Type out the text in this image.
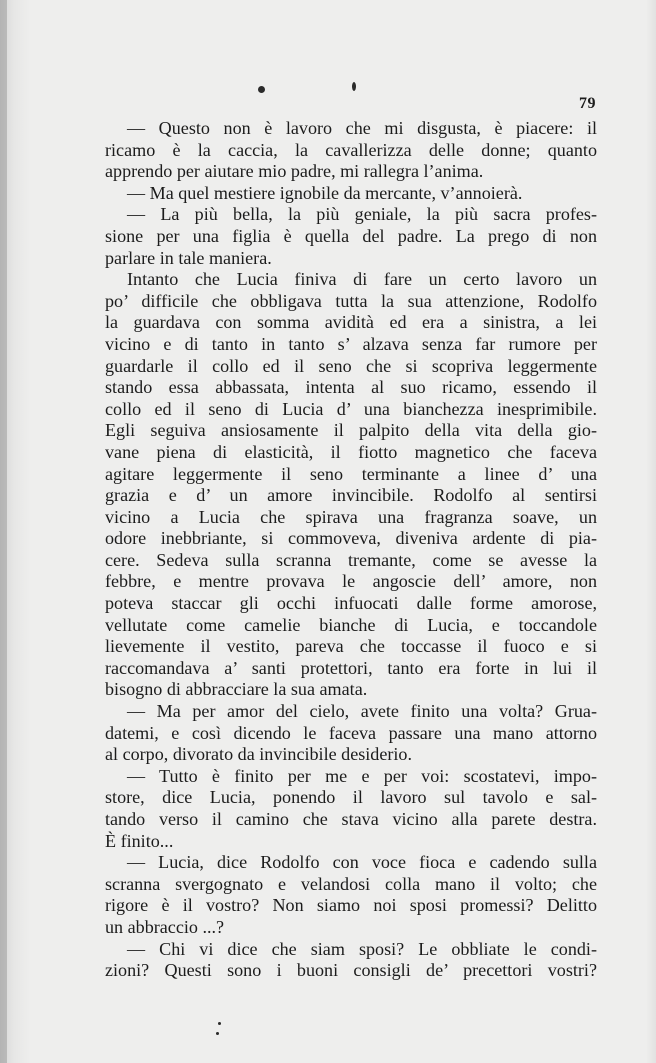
79
— Questo non è lavoro che mi disgusta, è piacere: il
ricamo è la caccia, la cavallerizza delle donne; quanto
apprendo per aiutare mio padre, mi rallegra l’anima.
— Ma quel mestiere ignobile da mercante, v’annoierà.
— La più bella, la più geniale, la più sacra profes-
sione per una figlia è quella del padre. La prego di non
parlare in tale maniera.
Intanto che Lucia finiva di fare un certo lavoro un
po’ difficile che obbligava tutta la sua attenzione, Rodolfo
la guardava con somma avidità ed era a sinistra, a lei
vicino e di tanto in tanto s’ alzava senza far rumore per
guardarle il collo ed il seno che si scopriva leggermente
stando essa abbassata, intenta al suo ricamo, essendo il
collo ed il seno di Lucia d’ una bianchezza inesprimibile.
Egli seguiva ansiosamente il palpito della vita della gio-
vane piena di elasticità, il fiotto magnetico che faceva
agitare leggermente il seno terminante a linee d’ una
grazia e d’ un amore invincibile. Rodolfo al sentirsi
vicino a Lucia che spirava una fragranza soave, un
odore inebbriante, si commoveva, diveniva ardente di pia-
cere. Sedeva sulla scranna tremante, come se avesse la
febbre, e mentre provava le angoscie dell’ amore, non
poteva staccar gli occhi infuocati dalle forme amorose,
vellutate come camelie bianche di Lucia, e toccandole
lievemente il vestito, pareva che toccasse il fuoco e si
raccomandava a’ santi protettori, tanto era forte in lui il
bisogno di abbracciare la sua amata.
— Ma per amor del cielo, avete finito una volta? Grua-
datemi, e così dicendo le faceva passare una mano attorno
al corpo, divorato da invincibile desiderio.
— Tutto è finito per me e per voi: scostatevi, impo-
store, dice Lucia, ponendo il lavoro sul tavolo e sal-
tando verso il camino che stava vicino alla parete destra.
È finito...
— Lucia, dice Rodolfo con voce fioca e cadendo sulla
scranna svergognato e velandosi colla mano il volto; che
rigore è il vostro? Non siamo noi sposi promessi? Delitto
un abbraccio ...?
— Chi vi dice che siam sposi? Le obbliate le condi-
zioni? Questi sono i buoni consigli de’ precettori vostri?
